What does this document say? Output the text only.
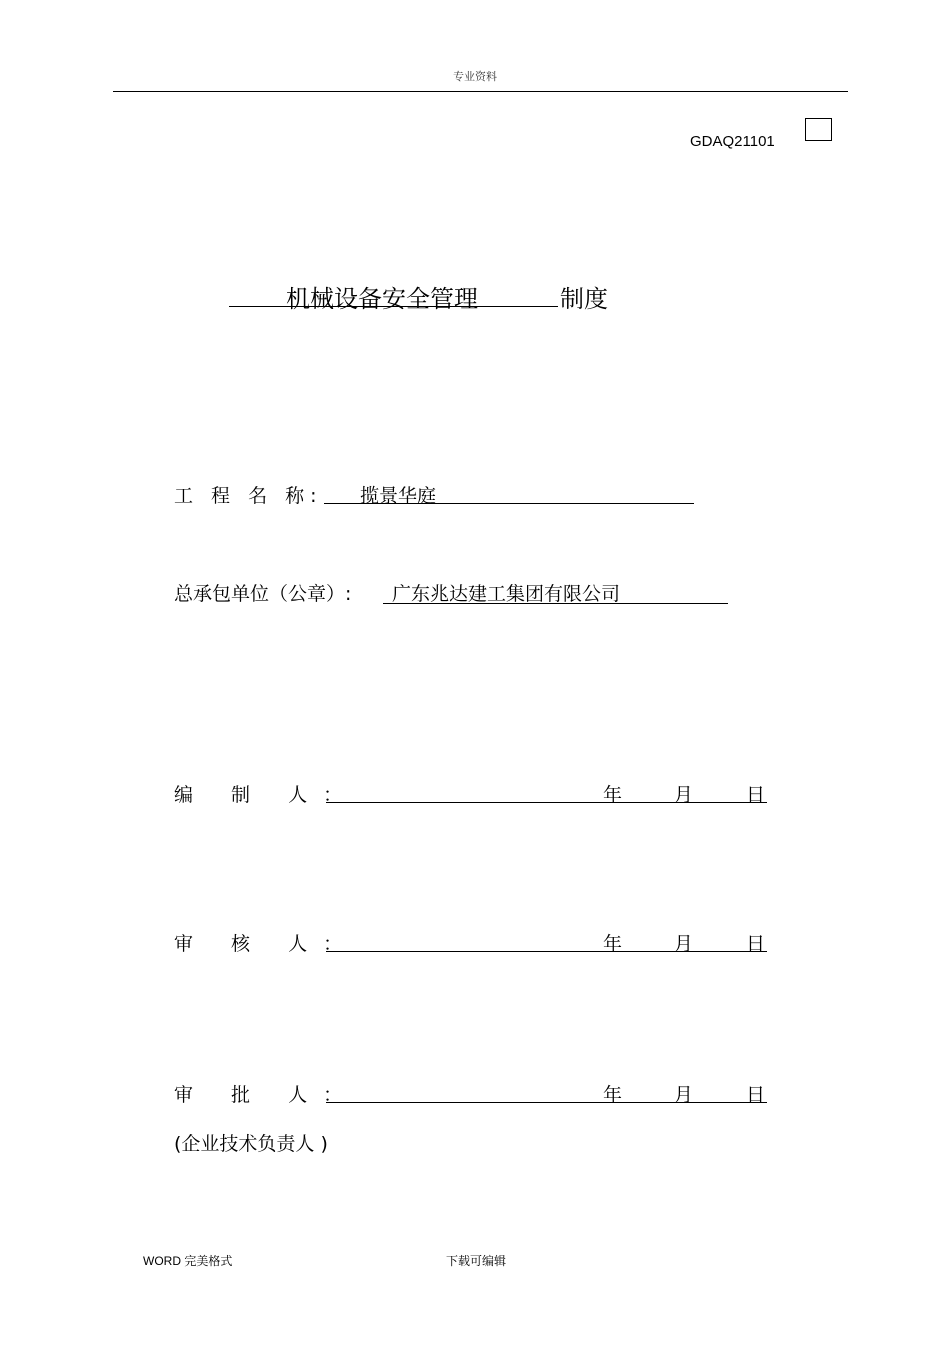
专业资料
GDAQ21101
机械设备安全管理	制度
工 程 名 称: 揽景华庭
总承包单位（公章）: 广东兆达建工集团有限公司
编 制 人：	年	月	日
审 核 人：	年	月	日
审 批 人：	年	月	日
(企业技术负责人 )
WORD 完美格式	下载可编辑
